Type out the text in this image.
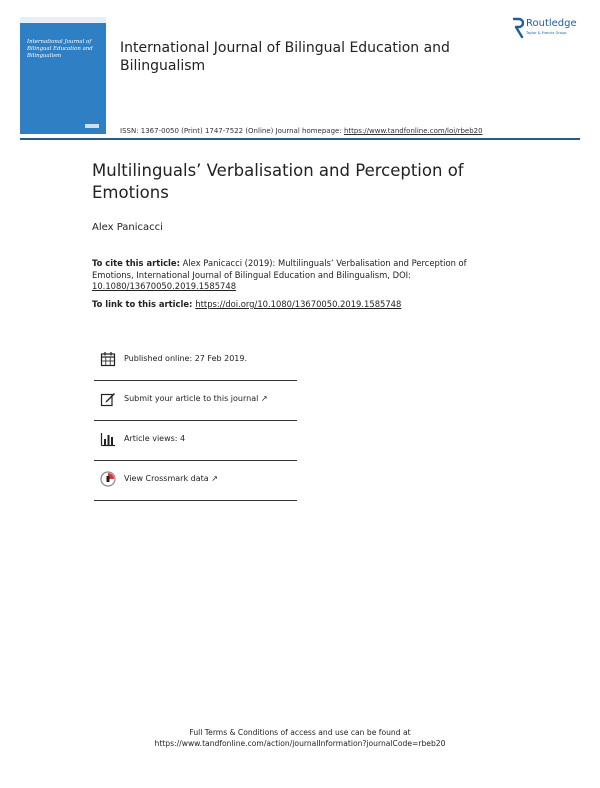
International Journal of Bilingual Education and Bilingualism	International Journal of Bilingual Education and Bilingualism
ISSN: 1367-0050 (Print) 1747-7522 (Online) Journal homepage: https://www.tandfonline.com/loi/rbeb20
Routledge
Taylor & Francis Group
Multilinguals’ Verbalisation and Perception of Emotions
Alex Panicacci
To cite this article: Alex Panicacci (2019): Multilinguals’ Verbalisation and Perception of Emotions, International Journal of Bilingual Education and Bilingualism, DOI: 10.1080/13670050.2019.1585748
To link to this article: https://doi.org/10.1080/13670050.2019.1585748
Published online: 27 Feb 2019.
Submit your article to this journal ↗
Article views: 4
View Crossmark data ↗
Full Terms & Conditions of access and use can be found at
https://www.tandfonline.com/action/journalInformation?journalCode=rbeb20
